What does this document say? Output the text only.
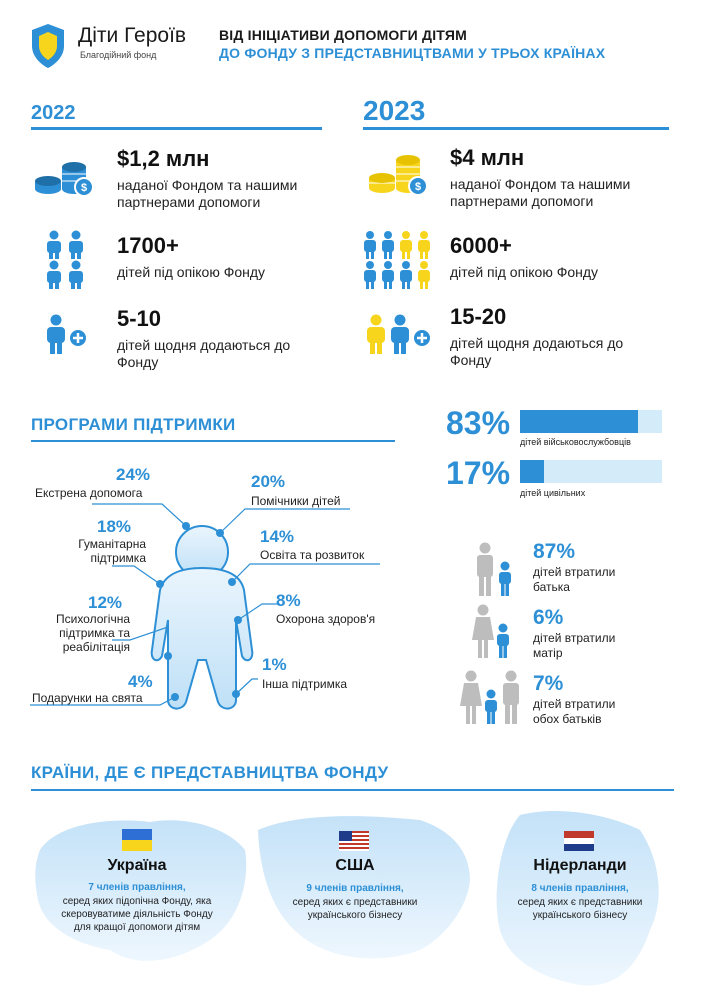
Діти Героїв
Благодійний фонд
ВІД ІНІЦІАТИВИ ДОПОМОГИ ДІТЯМ
ДО ФОНДУ З ПРЕДСТАВНИЦТВАМИ У ТРЬОХ КРАЇНАХ
2022
$
$1,2 млн
наданої Фондом та нашими партнерами допомоги
1700+
дітей під опікою Фонду
5-10
дітей щодня додаються до Фонду
2023
$
$4 млн
наданої Фондом та нашими партнерами допомоги
6000+
дітей під опікою Фонду
15-20
дітей щодня додаються до Фонду
ПРОГРАМИ ПІДТРИМКИ
24%
Екстрена допомога
18%
Гуманітарна підтримка
12%
Психологічна підтримка та реабілітація
4%
Подарунки на свята
20%
Помічники дітей
14%
Освіта та розвиток
8%
Охорона здоров'я
1%
Інша підтримка
83%
дітей військовослужбовців
17%
дітей цивільних
87%
дітей втратили батька
6%
дітей втратили матір
7%
дітей втратили обох батьків
КРАЇНИ, ДЕ Є ПРЕДСТАВНИЦТВА ФОНДУ
Україна
7 членів правління,
серед яких підопічна Фонду, яка скеровуватиме діяльність Фонду для кращої допомоги дітям
США
9 членів правління,
серед яких є представники українського бізнесу
Нідерланди
8 членів правління,
серед яких є представники українського бізнесу
